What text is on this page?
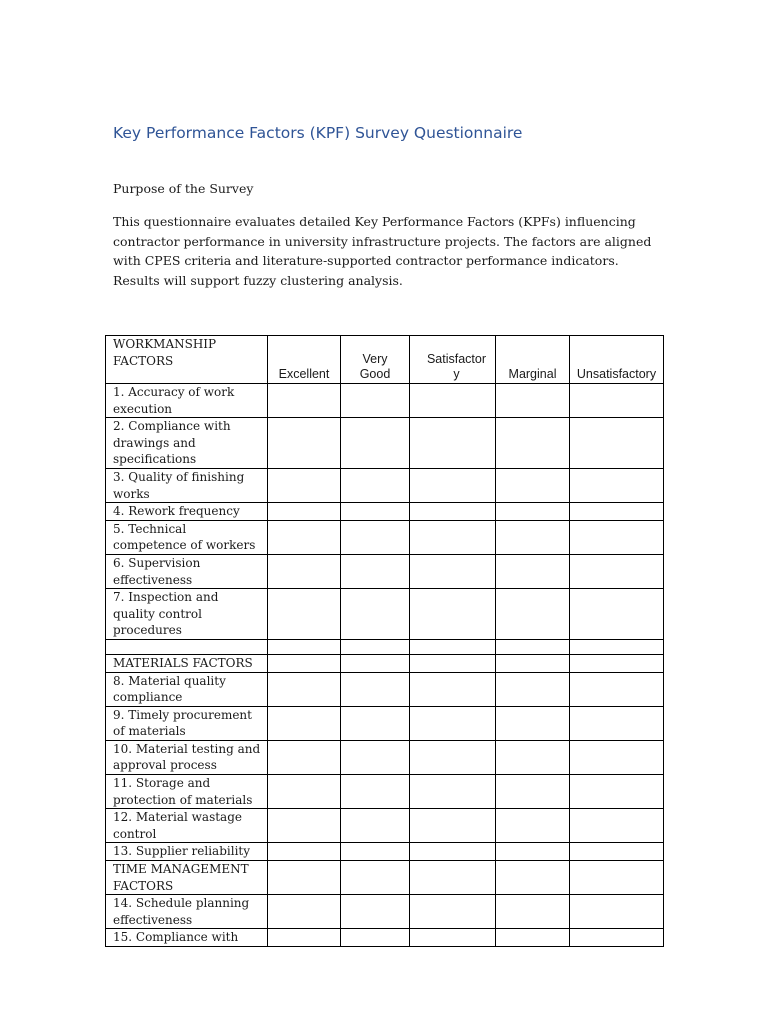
Key Performance Factors (KPF) Survey Questionnaire

Purpose of the Survey

This questionnaire evaluates detailed Key Performance Factors (KPFs) influencing contractor performance in university infrastructure projects. The factors are aligned with CPES criteria and literature-supported contractor performance indicators. Results will support fuzzy clustering analysis.

WORKMANSHIP FACTORS	Excellent	Very Good	Satisfactory	Marginal	Unsatisfactory
1. Accuracy of work execution					
2. Compliance with drawings and specifications					
3. Quality of finishing works					
4. Rework frequency					
5. Technical competence of workers					
6. Supervision effectiveness					
7. Inspection and quality control procedures					

MATERIALS FACTORS					
8. Material quality compliance					
9. Timely procurement of materials					
10. Material testing and approval process					
11. Storage and protection of materials					
12. Material wastage control					
13. Supplier reliability					
TIME MANAGEMENT FACTORS					
14. Schedule planning effectiveness					
15. Compliance with					
